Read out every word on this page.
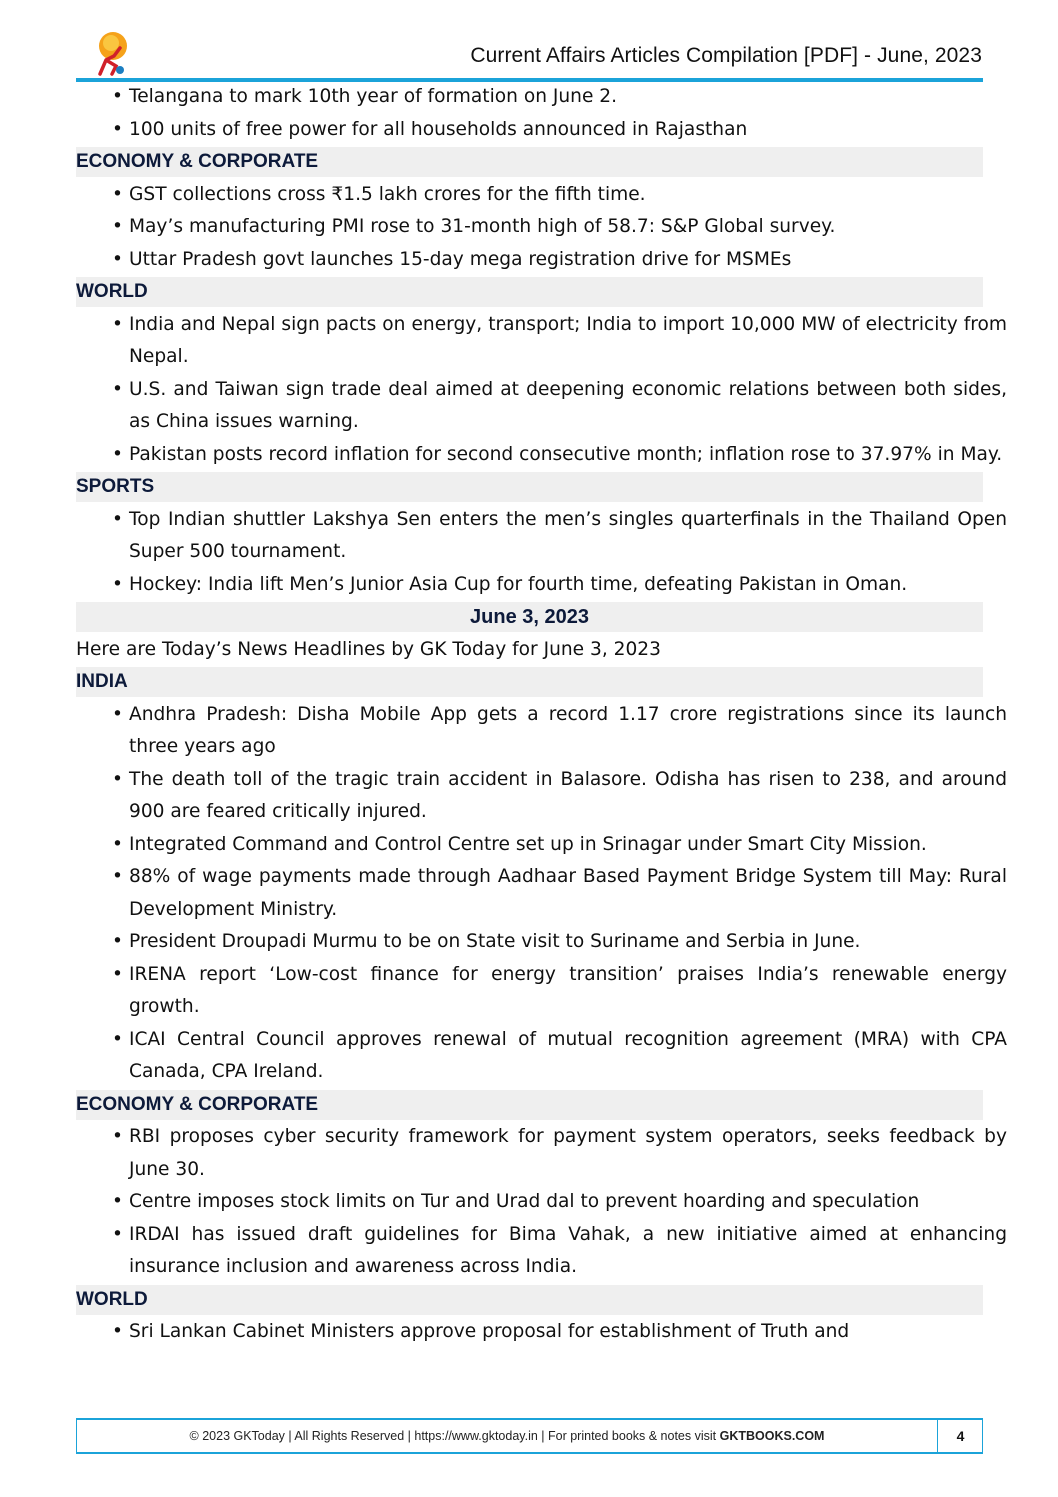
Current Affairs Articles Compilation [PDF] - June, 2023
• Telangana to mark 10th year of formation on June 2.
• 100 units of free power for all households announced in Rajasthan
ECONOMY & CORPORATE
• GST collections cross ₹1.5 lakh crores for the fifth time.
• May’s manufacturing PMI rose to 31-month high of 58.7: S&P Global survey.
• Uttar Pradesh govt launches 15-day mega registration drive for MSMEs
WORLD
• India and Nepal sign pacts on energy, transport; India to import 10,000 MW of electricity from Nepal.
• U.S. and Taiwan sign trade deal aimed at deepening economic relations between both sides, as China issues warning.
• Pakistan posts record inflation for second consecutive month; inflation rose to 37.97% in May.
SPORTS
• Top Indian shuttler Lakshya Sen enters the men’s singles quarterfinals in the Thailand Open Super 500 tournament.
• Hockey: India lift Men’s Junior Asia Cup for fourth time, defeating Pakistan in Oman.
June 3, 2023
Here are Today’s News Headlines by GK Today for June 3, 2023
INDIA
• Andhra Pradesh: Disha Mobile App gets a record 1.17 crore registrations since its launch three years ago
• The death toll of the tragic train accident in Balasore. Odisha has risen to 238, and around 900 are feared critically injured.
• Integrated Command and Control Centre set up in Srinagar under Smart City Mission.
• 88% of wage payments made through Aadhaar Based Payment Bridge System till May: Rural Development Ministry.
• President Droupadi Murmu to be on State visit to Suriname and Serbia in June.
• IRENA report ‘Low-cost finance for energy transition’ praises India’s renewable energy growth.
• ICAI Central Council approves renewal of mutual recognition agreement (MRA) with CPA Canada, CPA Ireland.
ECONOMY & CORPORATE
• RBI proposes cyber security framework for payment system operators, seeks feedback by June 30.
• Centre imposes stock limits on Tur and Urad dal to prevent hoarding and speculation
• IRDAI has issued draft guidelines for Bima Vahak, a new initiative aimed at enhancing insurance inclusion and awareness across India.
WORLD
• Sri Lankan Cabinet Ministers approve proposal for establishment of Truth and
© 2023 GKToday | All Rights Reserved | https://www.gktoday.in | For printed books & notes visit GKTBOOKS.COM	4
